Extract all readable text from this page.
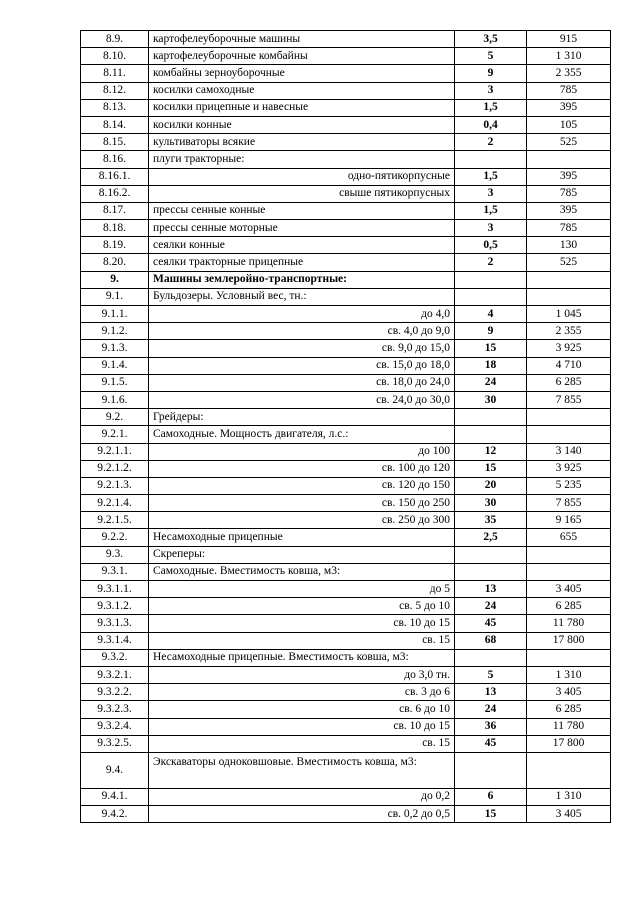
8.9.	картофелеуборочные машины	3,5	915
8.10.	картофелеуборочные комбайны	5	1 310
8.11.	комбайны зерноуборочные	9	2 355
8.12.	косилки самоходные	3	785
8.13.	косилки прицепные и навесные	1,5	395
8.14.	косилки конные	0,4	105
8.15.	культиваторы всякие	2	525
8.16.	плуги тракторные:		
8.16.1.	одно-пятикорпусные	1,5	395
8.16.2.	свыше пятикорпусных	3	785
8.17.	прессы сенные конные	1,5	395
8.18.	прессы сенные моторные	3	785
8.19.	сеялки конные	0,5	130
8.20.	сеялки тракторные прицепные	2	525
9.	Машины землеройно-транспортные:		
9.1.	Бульдозеры. Условный вес, тн.:		
9.1.1.	до 4,0	4	1 045
9.1.2.	св. 4,0 до 9,0	9	2 355
9.1.3.	св. 9,0 до 15,0	15	3 925
9.1.4.	св. 15,0 до 18,0	18	4 710
9.1.5.	св. 18,0 до 24,0	24	6 285
9.1.6.	св. 24,0 до 30,0	30	7 855
9.2.	Грейдеры:		
9.2.1.	Самоходные. Мощность двигателя, л.с.:		
9.2.1.1.	до 100	12	3 140
9.2.1.2.	св. 100 до 120	15	3 925
9.2.1.3.	св. 120 до 150	20	5 235
9.2.1.4.	св. 150 до 250	30	7 855
9.2.1.5.	св. 250 до 300	35	9 165
9.2.2.	Несамоходные прицепные	2,5	655
9.3.	Скреперы:		
9.3.1.	Самоходные. Вместимость ковша, м3:		
9.3.1.1.	до 5	13	3 405
9.3.1.2.	св. 5 до 10	24	6 285
9.3.1.3.	св. 10 до 15	45	11 780
9.3.1.4.	св. 15	68	17 800
9.3.2.	Несамоходные прицепные. Вместимость ковша, м3:		
9.3.2.1.	до 3,0 тн.	5	1 310
9.3.2.2.	св. 3 до 6	13	3 405
9.3.2.3.	св. 6 до 10	24	6 285
9.3.2.4.	св. 10 до 15	36	11 780
9.3.2.5.	св. 15	45	17 800
9.4.	Экскаваторы одноковшовые. Вместимость ковша, м3:		
9.4.1.	до 0,2	6	1 310
9.4.2.	св. 0,2 до 0,5	15	3 405
